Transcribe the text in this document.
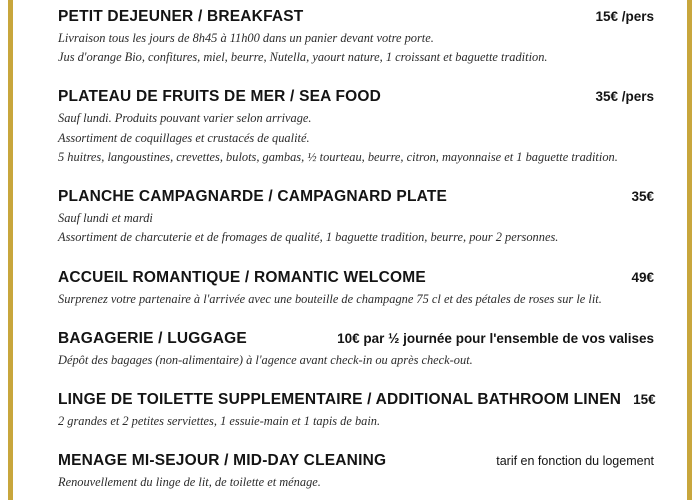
PETIT DEJEUNER / BREAKFAST	15€ /pers
Livraison tous les jours de 8h45 à 11h00 dans un panier devant votre porte.
Jus d'orange Bio, confitures, miel, beurre, Nutella, yaourt nature, 1 croissant et baguette tradition.
PLATEAU DE FRUITS DE MER / SEA FOOD	35€ /pers
Sauf lundi. Produits pouvant varier selon arrivage.
Assortiment de coquillages et crustacés de qualité.
5 huitres, langoustines, crevettes, bulots, gambas, ½ tourteau, beurre, citron, mayonnaise et 1 baguette tradition.
PLANCHE CAMPAGNARDE / CAMPAGNARD PLATE	35€
Sauf lundi et mardi
Assortiment de charcuterie et de fromages de qualité, 1 baguette tradition, beurre, pour 2 personnes.
ACCUEIL ROMANTIQUE / ROMANTIC WELCOME	49€
Surprenez votre partenaire à l'arrivée avec une bouteille de champagne 75 cl et des pétales de roses sur le lit.
BAGAGERIE / LUGGAGE	10€ par ½ journée pour l'ensemble de vos valises
Dépôt des bagages (non-alimentaire) à l'agence avant check-in ou après check-out.
LINGE DE TOILETTE SUPPLEMENTAIRE / ADDITIONAL BATHROOM LINEN 15€
2 grandes et 2 petites serviettes, 1 essuie-main et 1 tapis de bain.
MENAGE MI-SEJOUR / MID-DAY CLEANING	tarif en fonction du logement
Renouvellement du linge de lit, de toilette et ménage.
